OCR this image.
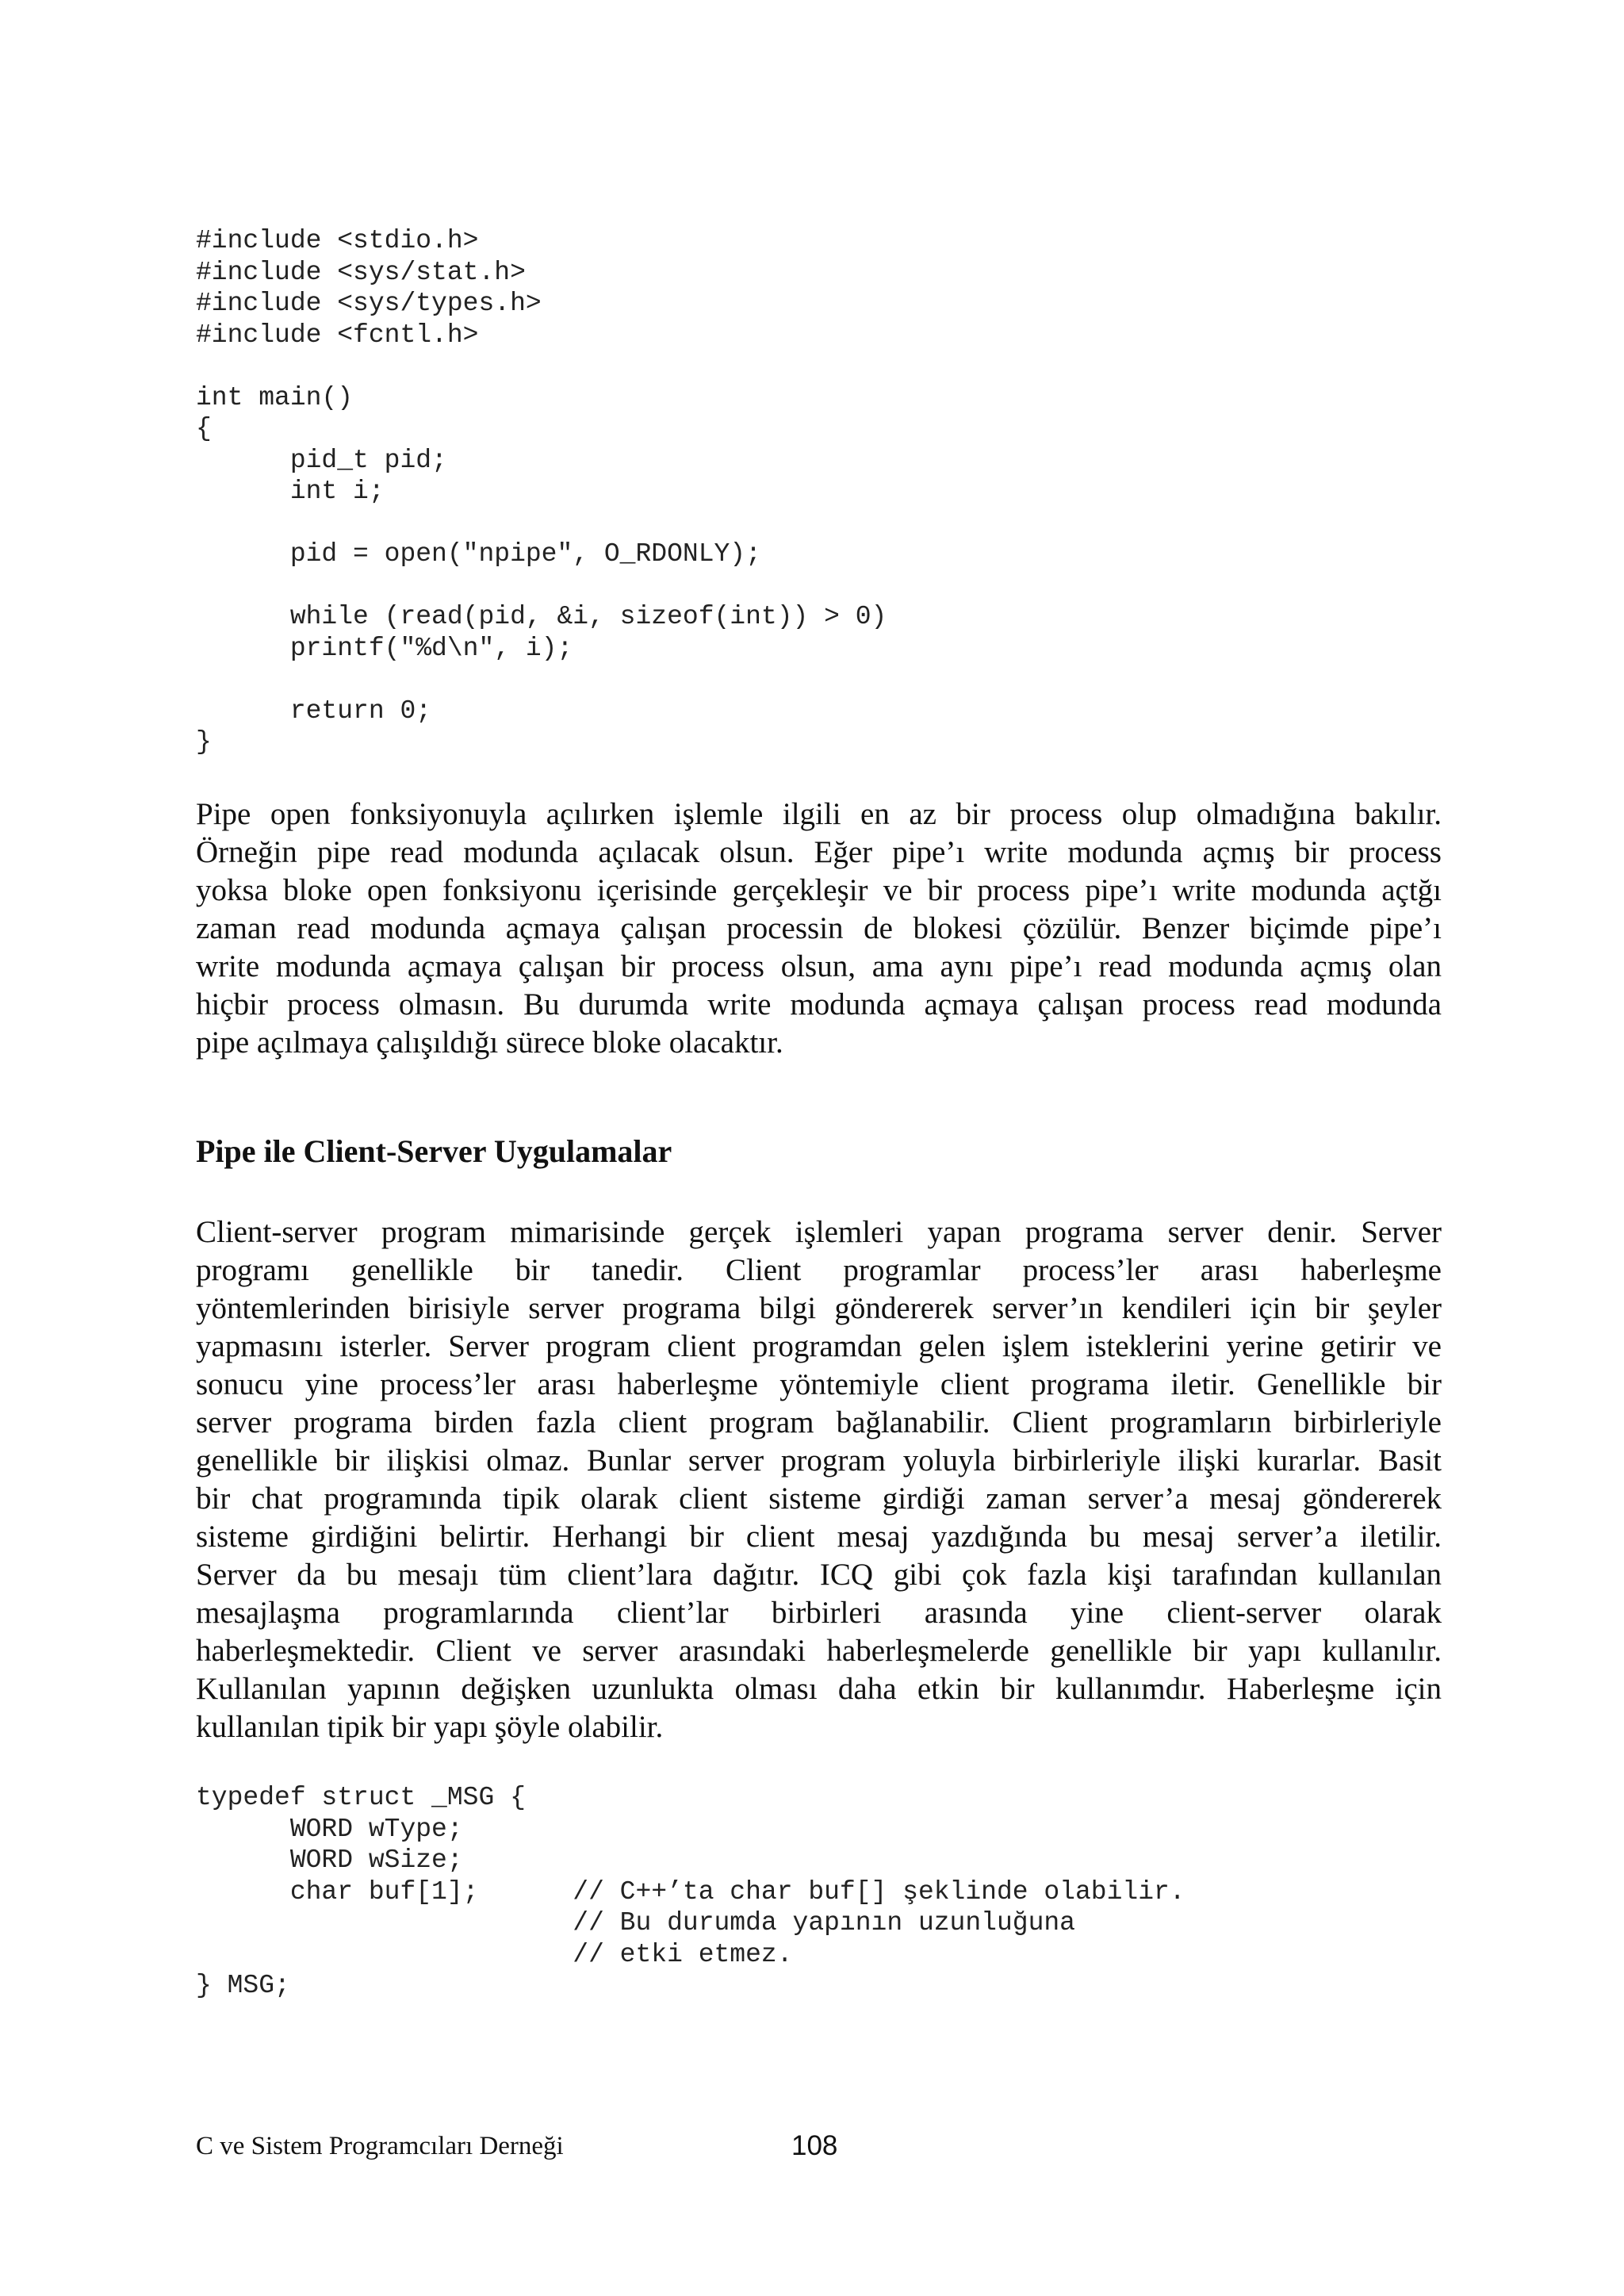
#include <stdio.h>
#include <sys/stat.h>
#include <sys/types.h>
#include <fcntl.h>
int main()
{
pid_t pid;
int i;
pid = open("npipe", O_RDONLY);
while (read(pid, &i, sizeof(int)) > 0)
printf("%d\n", i);
return 0;
}
Pipe open fonksiyonuyla açılırken işlemle ilgili en az bir process olup olmadığına bakılır.
Örneğin pipe read modunda açılacak olsun. Eğer pipe’ı write modunda açmış bir process
yoksa bloke open fonksiyonu içerisinde gerçekleşir ve bir process pipe’ı write modunda açtğı
zaman read modunda açmaya çalışan processin de blokesi çözülür. Benzer biçimde pipe’ı
write modunda açmaya çalışan bir process olsun, ama aynı pipe’ı read modunda açmış olan
hiçbir process olmasın. Bu durumda write modunda açmaya çalışan process read modunda
pipe açılmaya çalışıldığı sürece bloke olacaktır.
Pipe ile Client-Server Uygulamalar
Client-server program mimarisinde gerçek işlemleri yapan programa server denir. Server
programı genellikle bir tanedir. Client programlar process’ler arası haberleşme
yöntemlerinden birisiyle server programa bilgi göndererek server’ın kendileri için bir şeyler
yapmasını isterler. Server program client programdan gelen işlem isteklerini yerine getirir ve
sonucu yine process’ler arası haberleşme yöntemiyle client programa iletir. Genellikle bir
server programa birden fazla client program bağlanabilir. Client programların birbirleriyle
genellikle bir ilişkisi olmaz. Bunlar server program yoluyla birbirleriyle ilişki kurarlar. Basit
bir chat programında tipik olarak client sisteme girdiği zaman server’a mesaj göndererek
sisteme girdiğini belirtir. Herhangi bir client mesaj yazdığında bu mesaj server’a iletilir.
Server da bu mesajı tüm client’lara dağıtır. ICQ gibi çok fazla kişi tarafından kullanılan
mesajlaşma programlarında client’lar birbirleri arasında yine client-server olarak
haberleşmektedir. Client ve server arasındaki haberleşmelerde genellikle bir yapı kullanılır.
Kullanılan yapının değişken uzunlukta olması daha etkin bir kullanımdır. Haberleşme için
kullanılan tipik bir yapı şöyle olabilir.
typedef struct _MSG {
WORD wType;
WORD wSize;
char buf[1];      // C++’ta char buf[] şeklinde olabilir.
// Bu durumda yapının uzunluğuna
// etki etmez.
} MSG;
C ve Sistem Programcıları Derneği	108
